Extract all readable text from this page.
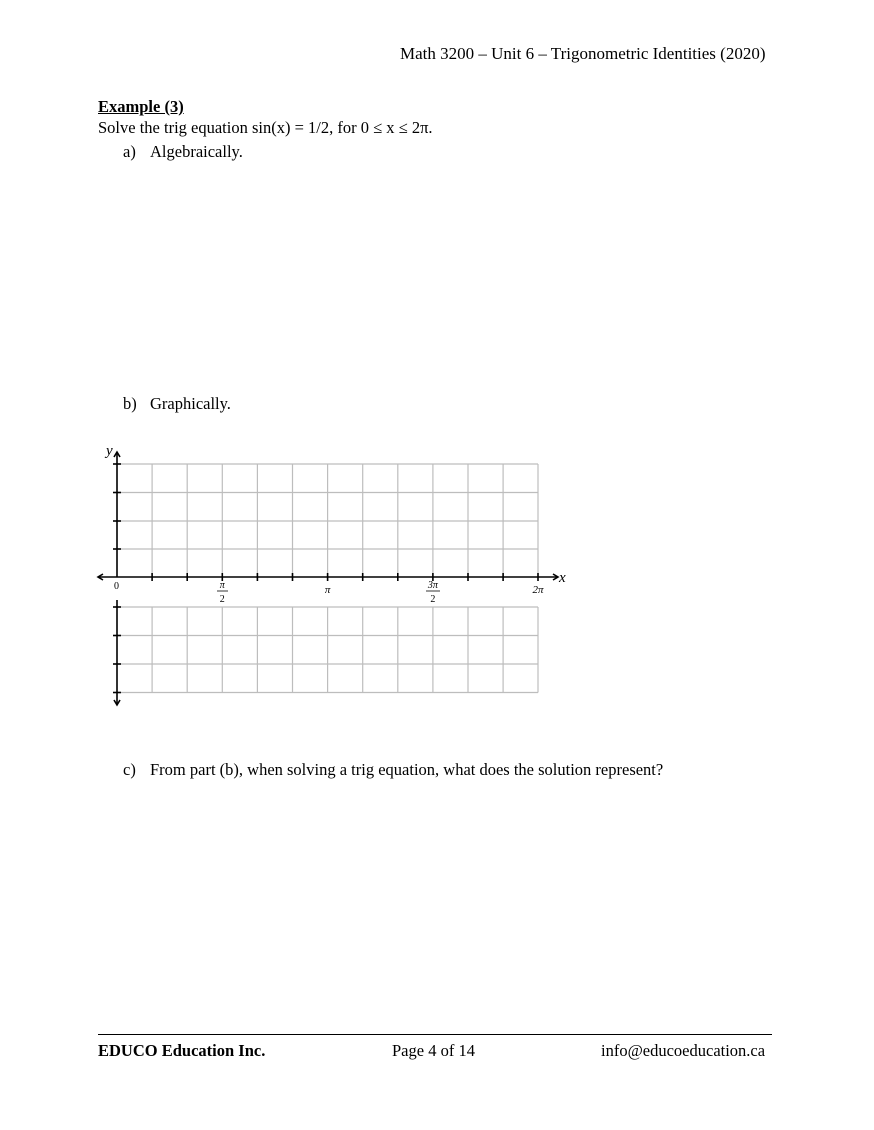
Math 3200 – Unit 6 – Trigonometric Identities (2020)
Example (3)
Solve the trig equation sin(x) = 1/2, for 0 ≤ x ≤ 2π.
a) Algebraically.
b) Graphically.
y
x
0	π
2
π	3π
2
2π
c) From part (b), when solving a trig equation, what does the solution represent?
EDUCO Education Inc.	Page 4 of 14	info@educoeducation.ca
